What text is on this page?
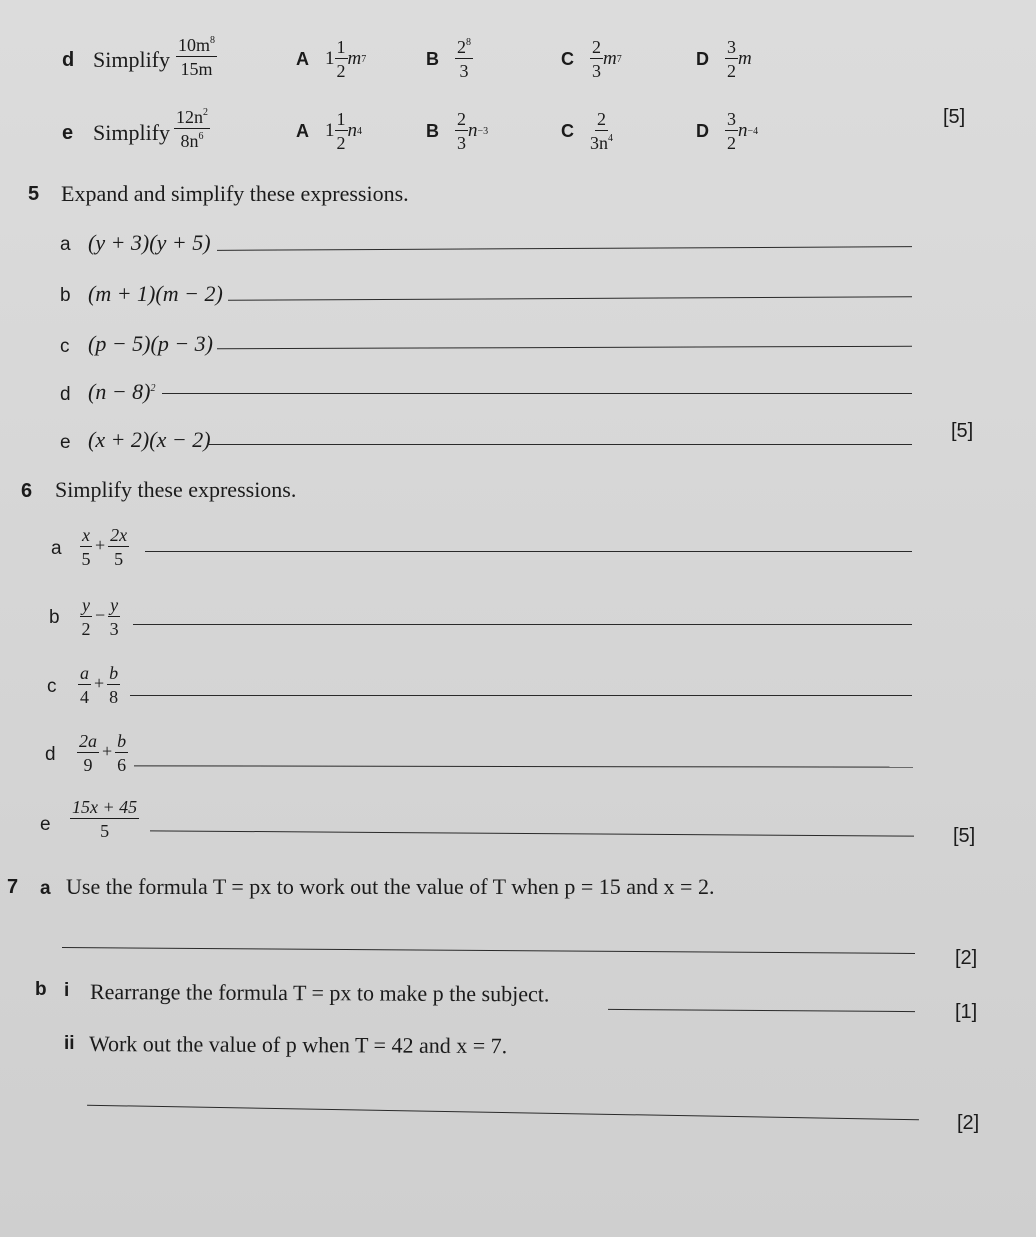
d Simplify $\frac{10m^8}{15m}$	A $1 \frac{1}{2}$ m 7	B $\frac{2^8}{3}$	C $\frac{2}{3}$ m 7	D $\frac{3}{2}$ m
e Simplify $\frac{12n^2}{8n^6}$	A $1 \frac{1}{2}$ n 4	B $\frac{2}{3}$ n −3	C $\frac{2}{3n^4}$	D $\frac{3}{2}$ n −4
[5]
5 Expand and simplify these expressions.
a (y + 3)(y + 5)
b (m + 1)(m − 2)
c (p − 5)(p − 3)
d $(n - 8)^2$
e (x + 2)(x − 2)	[5]
6 Simplify these expressions.
a $\frac{x}{5} + \frac{2x}{5}$
b $\frac{y}{2} - \frac{y}{3}$
c $\frac{a}{4} + \frac{b}{8}$
d $\frac{2a}{9} + \frac{b}{6}$
e $\frac{15x + 45}{5}$	[5]
7 a Use the formula T = px to work out the value of T when p = 15 and x = 2.
[2]
b i Rearrange the formula T = px to make p the subject.
[1]
ii Work out the value of p when T = 42 and x = 7.
[2]
